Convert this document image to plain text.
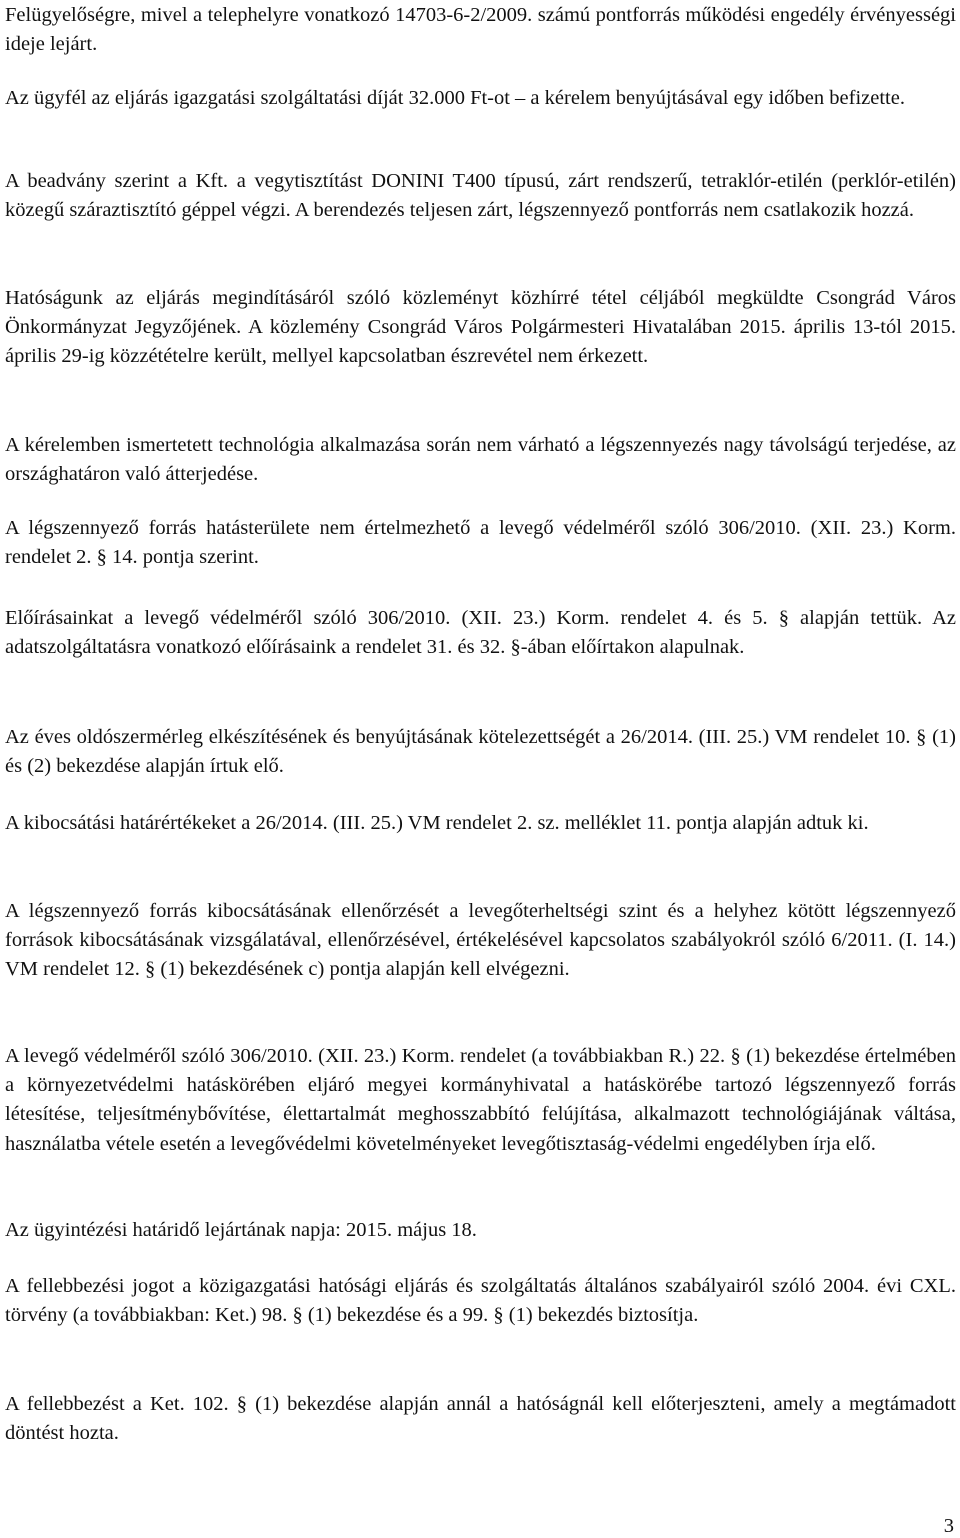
Felügyelőségre, mivel a telephelyre vonatkozó 14703-6-2/2009. számú pontforrás működési engedély érvényességi ideje lejárt.

Az ügyfél az eljárás igazgatási szolgáltatási díját 32.000 Ft-ot – a kérelem benyújtásával egy időben befizette.

A beadvány szerint a Kft. a vegytisztítást DONINI T400 típusú, zárt rendszerű, tetraklór-etilén (perklór-etilén) közegű száraztisztító géppel végzi. A berendezés teljesen zárt, légszennyező pontforrás nem csatlakozik hozzá.

Hatóságunk az eljárás megindításáról szóló közleményt közhírré tétel céljából megküldte Csongrád Város Önkormányzat Jegyzőjének. A közlemény Csongrád Város Polgármesteri Hivatalában 2015. április 13-tól 2015. április 29-ig közzétételre került, mellyel kapcsolatban észrevétel nem érkezett.

A kérelemben ismertetett technológia alkalmazása során nem várható a légszennyezés nagy távolságú terjedése, az országhatáron való átterjedése.

A légszennyező forrás hatásterülete nem értelmezhető a levegő védelméről szóló 306/2010. (XII. 23.) Korm. rendelet 2. § 14. pontja szerint.

Előírásainkat a levegő védelméről szóló 306/2010. (XII. 23.) Korm. rendelet 4. és 5. § alapján tettük. Az adatszolgáltatásra vonatkozó előírásaink a rendelet 31. és 32. §-ában előírtakon alapulnak.

Az éves oldószermérleg elkészítésének és benyújtásának kötelezettségét a 26/2014. (III. 25.) VM rendelet 10. § (1) és (2) bekezdése alapján írtuk elő.

A kibocsátási határértékeket a 26/2014. (III. 25.) VM rendelet 2. sz. melléklet 11. pontja alapján adtuk ki.

A légszennyező forrás kibocsátásának ellenőrzését a levegőterheltségi szint és a helyhez kötött légszennyező források kibocsátásának vizsgálatával, ellenőrzésével, értékelésével kapcsolatos szabályokról szóló 6/2011. (I. 14.) VM rendelet 12. § (1) bekezdésének c) pontja alapján kell elvégezni.

A levegő védelméről szóló 306/2010. (XII. 23.) Korm. rendelet (a továbbiakban R.) 22. § (1) bekezdése értelmében a környezetvédelmi hatáskörében eljáró megyei kormányhivatal a hatáskörébe tartozó légszennyező forrás létesítése, teljesítménybővítése, élettartalmát meghosszabbító felújítása, alkalmazott technológiájának váltása, használatba vétele esetén a levegővédelmi követelményeket levegőtisztaság-védelmi engedélyben írja elő.

Az ügyintézési határidő lejártának napja: 2015. május 18.

A fellebbezési jogot a közigazgatási hatósági eljárás és szolgáltatás általános szabályairól szóló 2004. évi CXL. törvény (a továbbiakban: Ket.) 98. § (1) bekezdése és a 99. § (1) bekezdés biztosítja.

A fellebbezést a Ket. 102. § (1) bekezdése alapján annál a hatóságnál kell előterjeszteni, amely a megtámadott döntést hozta.

3
